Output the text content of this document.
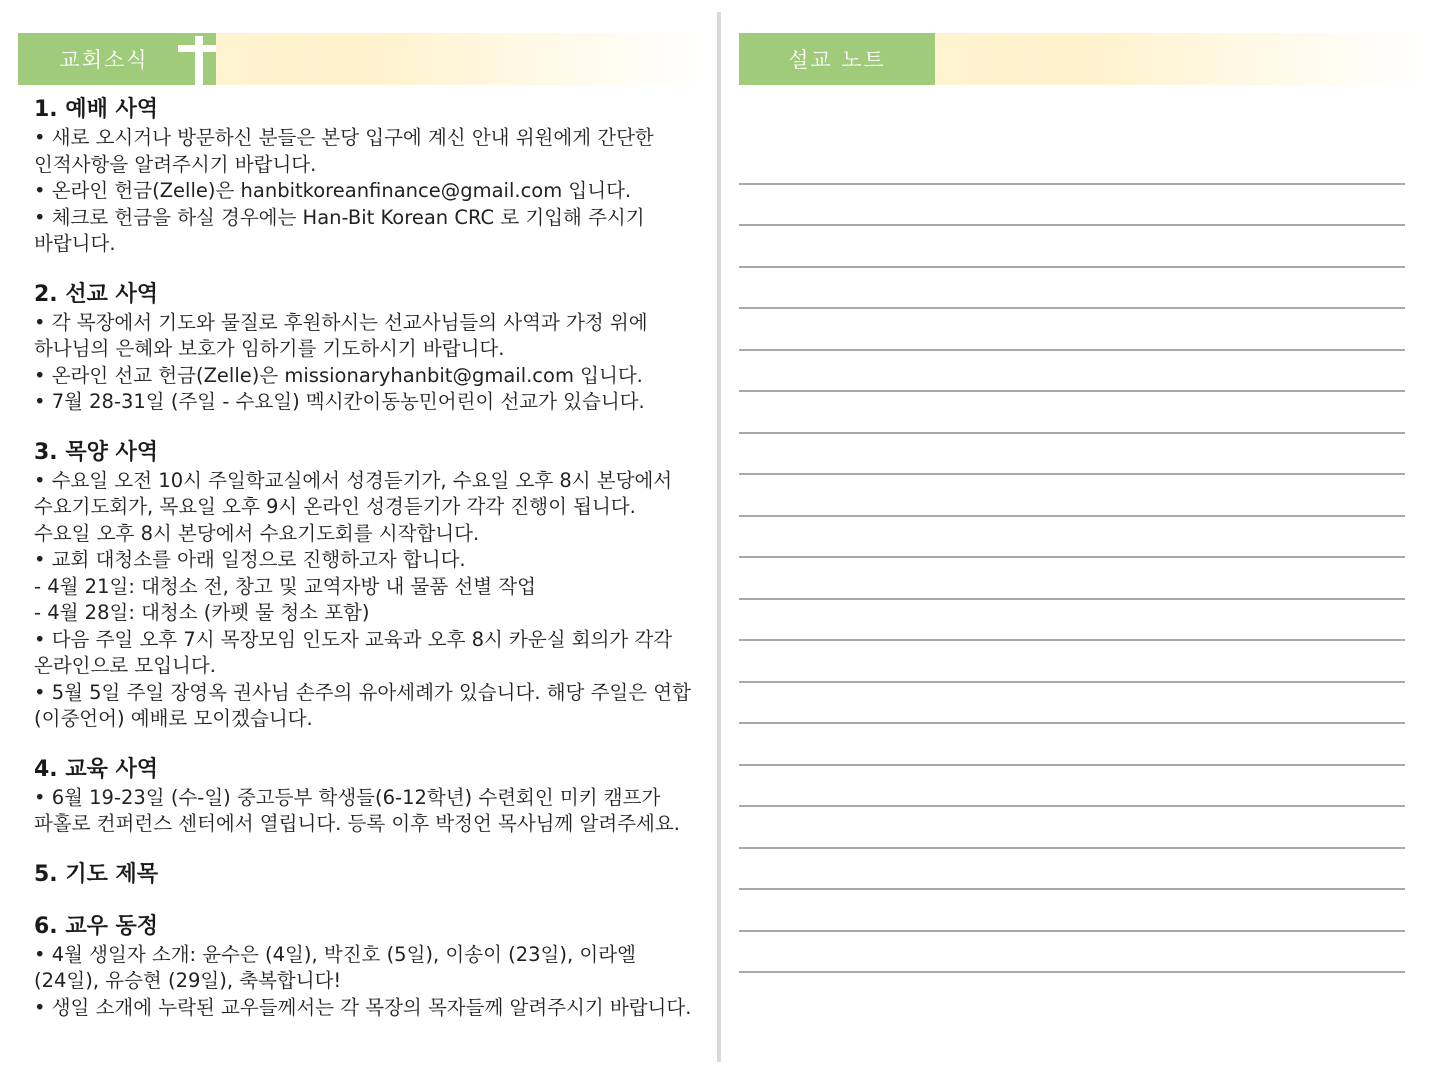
교회소식

1. 예배 사역

• 새로 오시거나 방문하신 분들은 본당 입구에 계신 안내 위원에게 간단한 인적사항을 알려주시기 바랍니다.

• 온라인 헌금(Zelle)은 hanbitkoreanfinance@gmail.com 입니다.

• 체크로 헌금을 하실 경우에는 Han-Bit Korean CRC 로 기입해 주시기 바랍니다.

2. 선교 사역

• 각 목장에서 기도와 물질로 후원하시는 선교사님들의 사역과 가정 위에 하나님의 은혜와 보호가 임하기를 기도하시기 바랍니다.

• 온라인 선교 헌금(Zelle)은 missionaryhanbit@gmail.com 입니다.

• 7월 28-31일 (주일 - 수요일) 멕시칸이동농민어린이 선교가 있습니다.

3. 목양 사역

• 수요일 오전 10시 주일학교실에서 성경듣기가, 수요일 오후 8시 본당에서 수요기도회가, 목요일 오후 9시 온라인 성경듣기가 각각 진행이 됩니다. 수요일 오후 8시 본당에서 수요기도회를 시작합니다.

• 교회 대청소를 아래 일정으로 진행하고자 합니다.

- 4월 21일: 대청소 전, 창고 및 교역자방 내 물품 선별 작업

- 4월 28일: 대청소 (카펫 물 청소 포함)

• 다음 주일 오후 7시 목장모임 인도자 교육과 오후 8시 카운실 회의가 각각 온라인으로 모입니다.

• 5월 5일 주일 장영옥 권사님 손주의 유아세례가 있습니다. 해당 주일은 연합 (이중언어) 예배로 모이겠습니다.

4. 교육 사역

• 6월 19-23일 (수-일) 중고등부 학생들(6-12학년) 수련회인 미키 캠프가 파홀로 컨퍼런스 센터에서 열립니다. 등록 이후 박정언 목사님께 알려주세요.

5. 기도 제목

6. 교우 동정

• 4월 생일자 소개: 윤수은 (4일), 박진호 (5일), 이송이 (23일), 이라엘 (24일), 유승현 (29일), 축복합니다!

• 생일 소개에 누락된 교우들께서는 각 목장의 목자들께 알려주시기 바랍니다.

설교 노트
